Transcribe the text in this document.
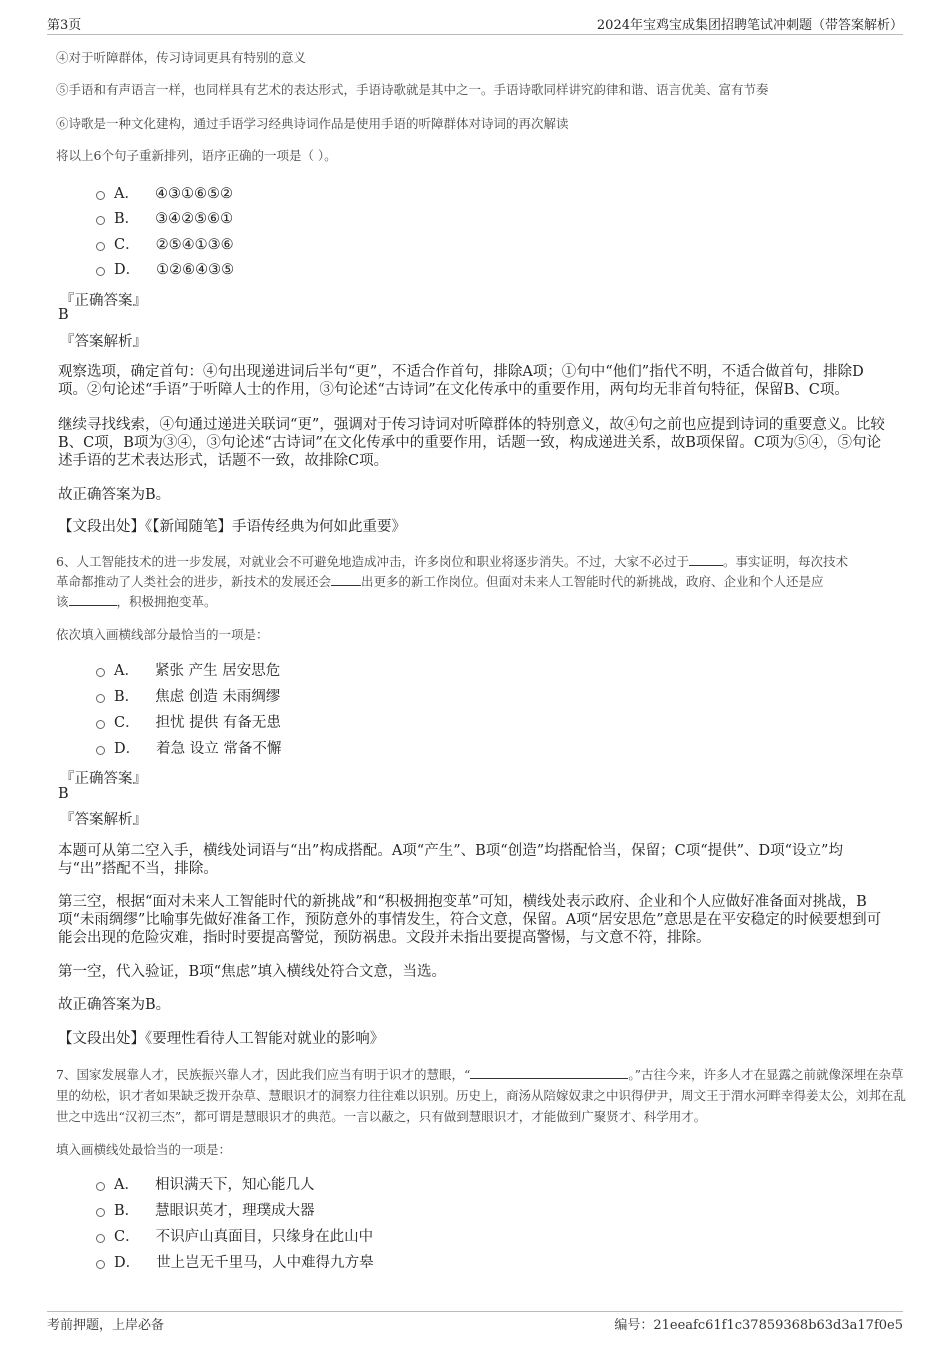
第3页	2024年宝鸡宝成集团招聘笔试冲刺题（带答案解析）
④对于听障群体，传习诗词更具有特别的意义
⑤手语和有声语言一样，也同样具有艺术的表达形式，手语诗歌就是其中之一。手语诗歌同样讲究韵律和谐、语言优美、富有节奏
⑥诗歌是一种文化建构，通过手语学习经典诗词作品是使用手语的听障群体对诗词的再次解读
将以上6个句子重新排列，语序正确的一项是（ ）。
A． ④③①⑥⑤②
B． ③④②⑤⑥①
C． ②⑤④①③⑥
D． ①②⑥④③⑤
『正确答案』
B
『答案解析』
观察选项，确定首句：④句出现递进词后半句“更”，不适合作首句，排除A项；①句中“他们”指代不明，不适合做首句，排除D项。②句论述“手语”于听障人士的作用，③句论述“古诗词”在文化传承中的重要作用，两句均无非首句特征，保留B、C项。
继续寻找线索，④句通过递进关联词“更”，强调对于传习诗词对听障群体的特别意义，故④句之前也应提到诗词的重要意义。比较B、C项，B项为③④，③句论述“古诗词”在文化传承中的重要作用，话题一致，构成递进关系，故B项保留。C项为⑤④，⑤句论述手语的艺术表达形式，话题不一致，故排除C项。
故正确答案为B。
【文段出处】《【新闻随笔】手语传经典为何如此重要》
6、人工智能技术的进一步发展，对就业会不可避免地造成冲击，许多岗位和职业将逐步消失。不过，大家不必过于	。事实证明，每次技术
革命都推动了人类社会的进步，新技术的发展还会 出更多的新工作岗位。但面对未来人工智能时代的新挑战，政府、企业和个人还是应
该	，积极拥抱变革。
依次填入画横线部分最恰当的一项是：
A． 紧张 产生 居安思危
B． 焦虑 创造 未雨绸缪
C． 担忧 提供 有备无患
D． 着急 设立 常备不懈
『正确答案』
B
『答案解析』
本题可从第二空入手，横线处词语与“出”构成搭配。A项“产生”、B项“创造”均搭配恰当，保留；C项“提供”、D项“设立”均与“出”搭配不当，排除。
第三空，根据“面对未来人工智能时代的新挑战”和“积极拥抱变革”可知，横线处表示政府、企业和个人应做好准备面对挑战，B项“未雨绸缪”比喻事先做好准备工作，预防意外的事情发生，符合文意，保留。A项“居安思危”意思是在平安稳定的时候要想到可能会出现的危险灾难，指时时要提高警觉，预防祸患。文段并未指出要提高警惕，与文意不符，排除。
第一空，代入验证，B项“焦虑”填入横线处符合文意，当选。
故正确答案为B。
【文段出处】《要理性看待人工智能对就业的影响》
7、国家发展靠人才，民族振兴靠人才，因此我们应当有明于识才的慧眼，“	。”古往今来，许多人才在显露之前就像深埋在杂草里的幼松，识才者如果缺乏拨开杂草、慧眼识才的洞察力往往难以识别。历史上，商汤从陪嫁奴隶之中识得伊尹，周文王于渭水河畔幸得姜太公，刘邦在乱世之中选出“汉初三杰”，都可谓是慧眼识才的典范。一言以蔽之，只有做到慧眼识才，才能做到广聚贤才、科学用才。
填入画横线处最恰当的一项是：
A． 相识满天下，知心能几人
B． 慧眼识英才，理璞成大器
C． 不识庐山真面目，只缘身在此山中
D． 世上岂无千里马，人中难得九方皋
考前押题，上岸必备	编号：21eeafc61f1c37859368b63d3a17f0e5
